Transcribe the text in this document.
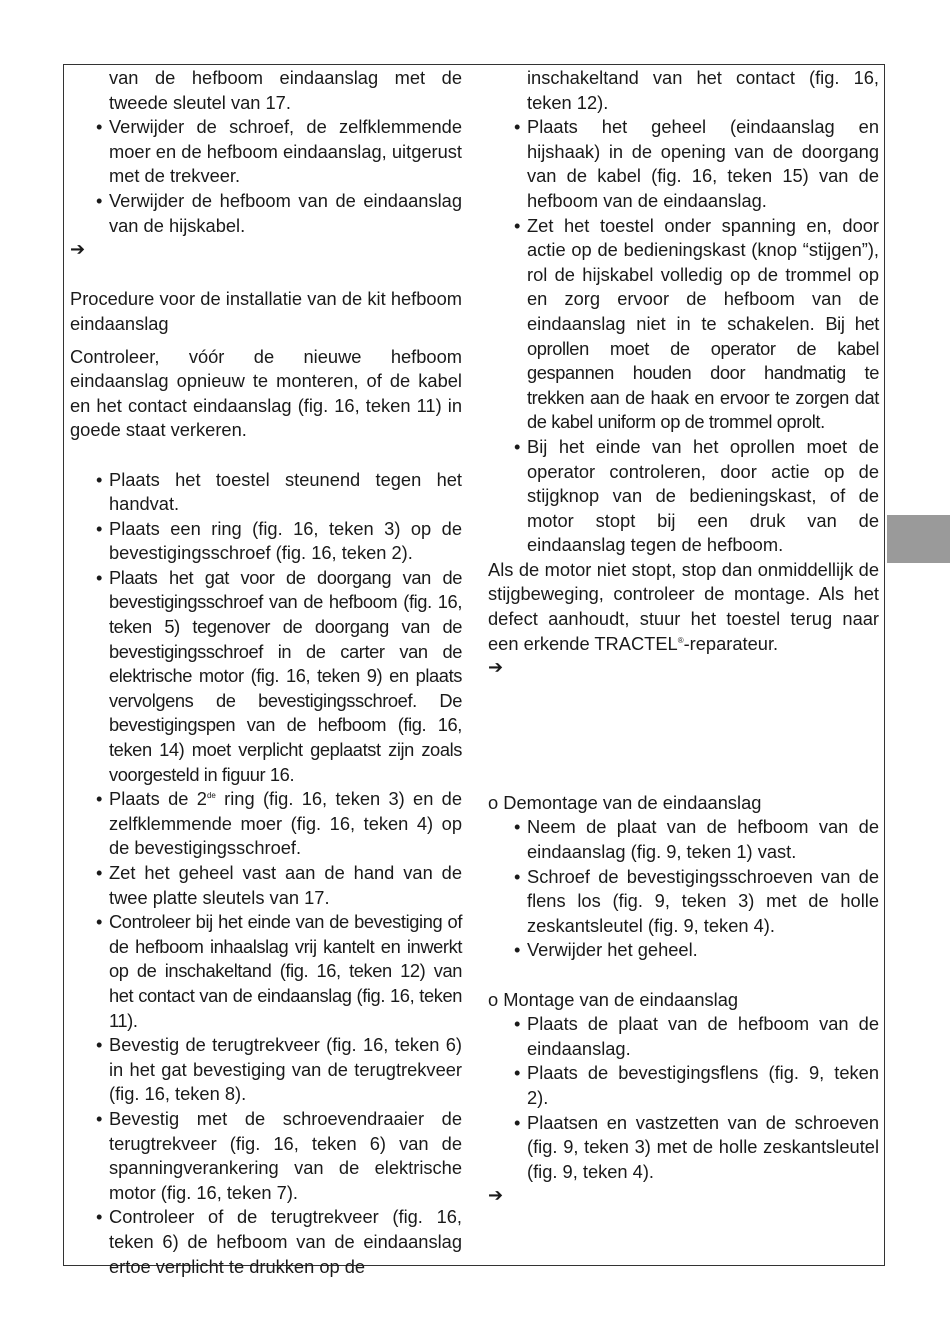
van de hefboom eindaanslag met de tweede sleutel van 17.
• Verwijder de schroef, de zelfklemmende moer en de hefboom eindaanslag, uitgerust met de trekveer.
• Verwijder de hefboom van de eindaanslag van de hijskabel.
➔
Procedure voor de installatie van de kit hefboom eindaanslag
Controleer, vóór de nieuwe hefboom eindaanslag opnieuw te monteren, of de kabel en het contact eindaanslag (fig. 16, teken 11) in goede staat verkeren.
• Plaats het toestel steunend tegen het handvat.
• Plaats een ring (fig. 16, teken 3) op de bevestigingsschroef (fig. 16, teken 2).
• Plaats het gat voor de doorgang van de bevestigingsschroef van de hefboom (fig. 16, teken 5) tegenover de doorgang van de bevestigingsschroef in de carter van de elektrische motor (fig. 16, teken 9) en plaats vervolgens de bevestigingsschroef. De bevestigingspen van de hefboom (fig. 16, teken 14) moet verplicht geplaatst zijn zoals voorgesteld in figuur 16.
• Plaats de 2de ring (fig. 16, teken 3) en de zelfklemmende moer (fig. 16, teken 4) op de bevestigingsschroef.
• Zet het geheel vast aan de hand van de twee platte sleutels van 17.
• Controleer bij het einde van de bevestiging of de hefboom inhaalslag vrij kantelt en inwerkt op de inschakeltand (fig. 16, teken 12) van het contact van de eindaanslag (fig. 16, teken 11).
• Bevestig de terugtrekveer (fig. 16, teken 6) in het gat bevestiging van de terugtrekveer (fig. 16, teken 8).
• Bevestig met de schroevendraaier de terugtrekveer (fig. 16, teken 6) van de spanningverankering van de elektrische motor (fig. 16, teken 7).
• Controleer of de terugtrekveer (fig. 16, teken 6) de hefboom van de eindaanslag ertoe verplicht te drukken op de
inschakeltand van het contact (fig. 16, teken 12).
• Plaats het geheel (eindaanslag en hijshaak) in de opening van de doorgang van de kabel (fig. 16, teken 15) van de hefboom van de eindaanslag.
• Zet het toestel onder spanning en, door actie op de bedieningskast (knop “stijgen”), rol de hijskabel volledig op de trommel op en zorg ervoor de hefboom van de eindaanslag niet in te schakelen. Bij het oprollen moet de operator de kabel gespannen houden door handmatig te trekken aan de haak en ervoor te zorgen dat de kabel uniform op de trommel oprolt.
• Bij het einde van het oprollen moet de operator controleren, door actie op de stijgknop van de bedieningskast, of de motor stopt bij een druk van de eindaanslag tegen de hefboom.
Als de motor niet stopt, stop dan onmiddellijk de stijgbeweging, controleer de montage. Als het defect aanhoudt, stuur het toestel terug naar een erkende TRACTEL®-reparateur.
➔
o Demontage van de eindaanslag
• Neem de plaat van de hefboom van de eindaanslag (fig. 9, teken 1) vast.
• Schroef de bevestigingsschroeven van de flens los (fig. 9, teken 3) met de holle zeskantsleutel (fig. 9, teken 4).
• Verwijder het geheel.
o Montage van de eindaanslag
• Plaats de plaat van de hefboom van de eindaanslag.
• Plaats de bevestigingsflens (fig. 9, teken 2).
• Plaatsen en vastzetten van de schroeven (fig. 9, teken 3) met de holle zeskantsleutel (fig. 9, teken 4).
➔
